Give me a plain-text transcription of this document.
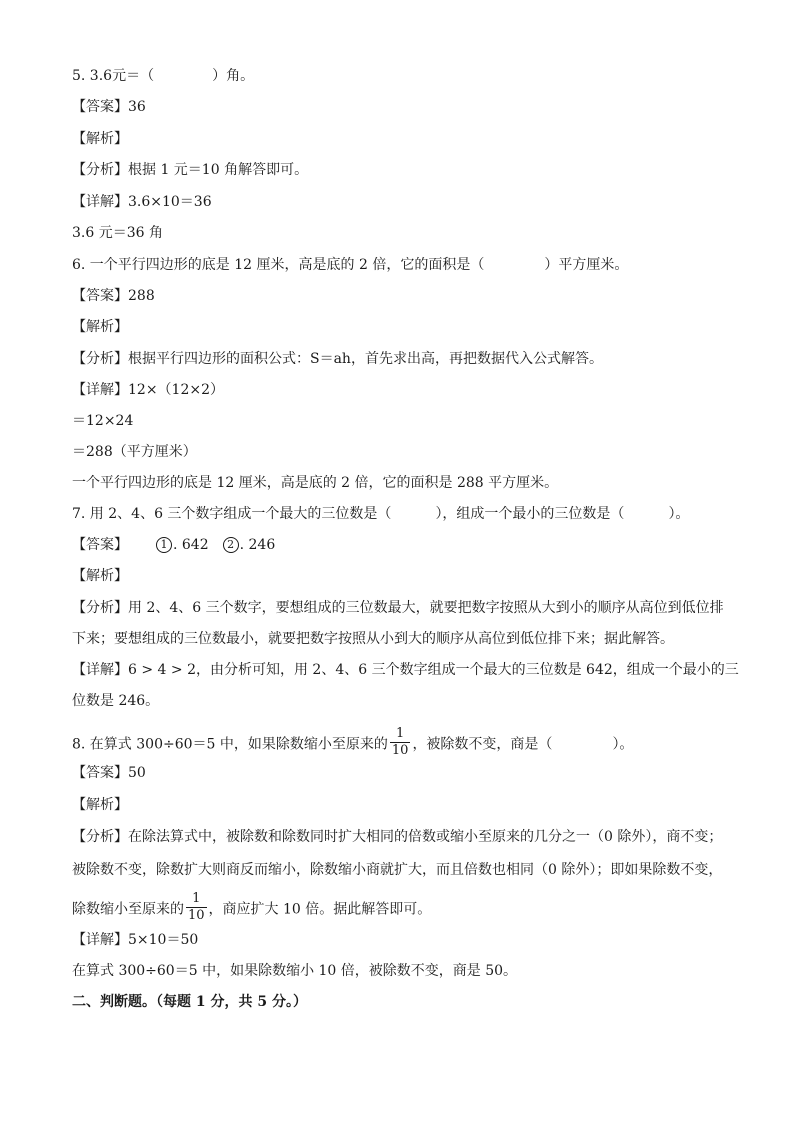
5. 3.6元＝（	）角。
【答案】36
【解析】
【分析】根据 1 元＝10 角解答即可。
【详解】3.6×10＝36
3.6 元＝36 角
6. 一个平行四边形的底是 12 厘米，高是底的 2 倍，它的面积是（	）平方厘米。
【答案】288
【解析】
【分析】根据平行四边形的面积公式：S＝ah，首先求出高，再把数据代入公式解答。
【详解】12×（12×2）
＝12×24
＝288（平方厘米）
一个平行四边形的底是 12 厘米，高是底的 2 倍，它的面积是 288 平方厘米。
7. 用 2、4、6 三个数字组成一个最大的三位数是（	），组成一个最小的三位数是（	）。
【答案】	1 . 642 2 . 246
【解析】
【分析】用 2、4、6 三个数字，要想组成的三位数最大，就要把数字按照从大到小的顺序从高位到低位排
下来；要想组成的三位数最小，就要把数字按照从小到大的顺序从高位到低位排下来；据此解答。
【详解】6 > 4 > 2，由分析可知，用 2、4、6 三个数字组成一个最大的三位数是 642，组成一个最小的三
位数是 246。
8. 在算式 300÷60＝5 中，如果除数缩小至原来的 $\frac{1}{10}$ ，被除数不变，商是（	）。
【答案】50
【解析】
【分析】在除法算式中，被除数和除数同时扩大相同的倍数或缩小至原来的几分之一（0 除外），商不变；
被除数不变，除数扩大则商反而缩小，除数缩小商就扩大，而且倍数也相同（0 除外）；即如果除数不变，
除数缩小至原来的 $\frac{1}{10}$ ，商应扩大 10 倍。据此解答即可。
【详解】5×10＝50
在算式 300÷60＝5 中，如果除数缩小 10 倍，被除数不变，商是 50。
二、判断题。（每题 1 分，共 5 分。）
